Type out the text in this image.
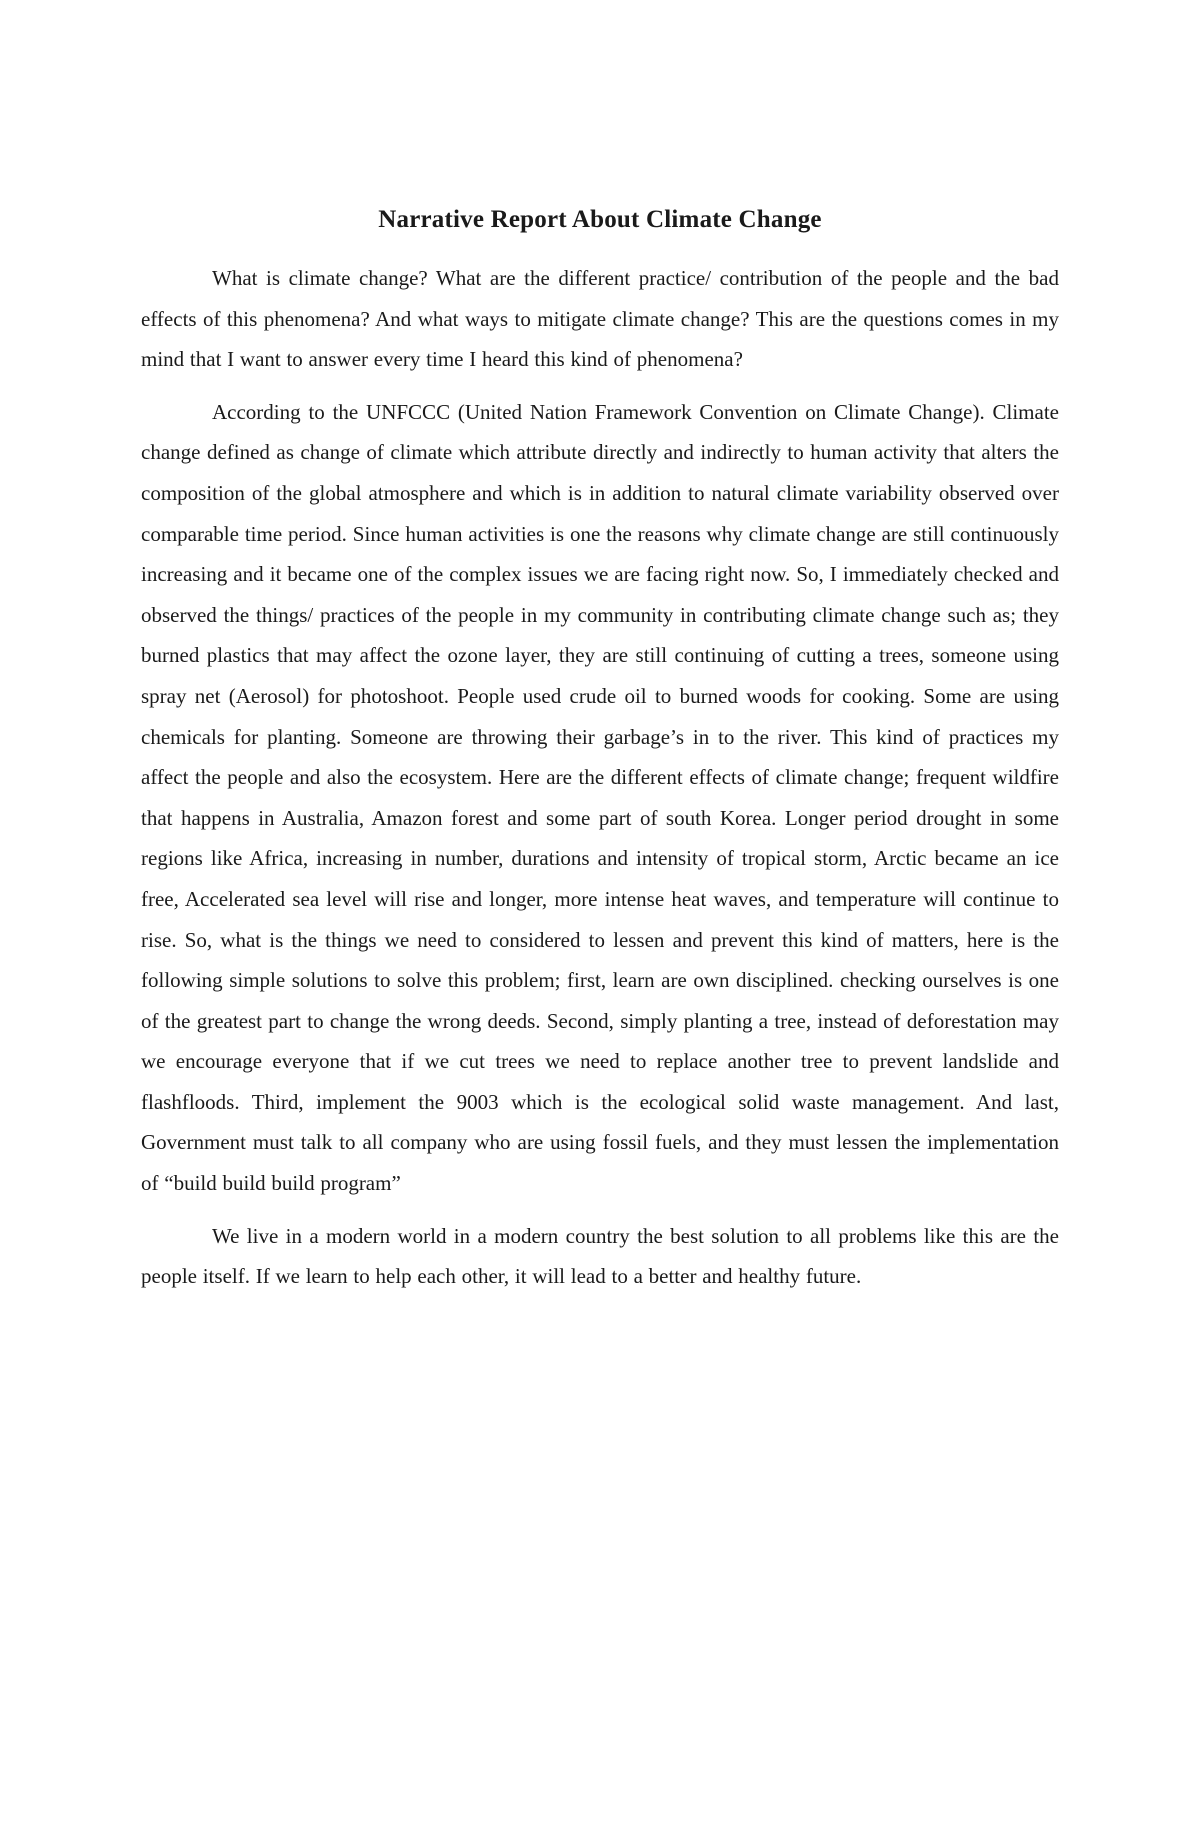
Narrative Report About Climate Change

What is climate change? What are the different practice/ contribution of the people and the bad effects of this phenomena? And what ways to mitigate climate change? This are the questions comes in my mind that I want to answer every time I heard this kind of phenomena?

According to the UNFCCC (United Nation Framework Convention on Climate Change). Climate change defined as change of climate which attribute directly and indirectly to human activity that alters the composition of the global atmosphere and which is in addition to natural climate variability observed over comparable time period. Since human activities is one the reasons why climate change are still continuously increasing and it became one of the complex issues we are facing right now. So, I immediately checked and observed the things/ practices of the people in my community in contributing climate change such as; they burned plastics that may affect the ozone layer, they are still continuing of cutting a trees, someone using spray net (Aerosol) for photoshoot. People used crude oil to burned woods for cooking. Some are using chemicals for planting. Someone are throwing their garbage’s in to the river. This kind of practices my affect the people and also the ecosystem. Here are the different effects of climate change; frequent wildfire that happens in Australia, Amazon forest and some part of south Korea. Longer period drought in some regions like Africa, increasing in number, durations and intensity of tropical storm, Arctic became an ice free, Accelerated sea level will rise and longer, more intense heat waves, and temperature will continue to rise. So, what is the things we need to considered to lessen and prevent this kind of matters, here is the following simple solutions to solve this problem; first, learn are own disciplined. checking ourselves is one of the greatest part to change the wrong deeds. Second, simply planting a tree, instead of deforestation may we encourage everyone that if we cut trees we need to replace another tree to prevent landslide and flashfloods. Third, implement the 9003 which is the ecological solid waste management. And last, Government must talk to all company who are using fossil fuels, and they must lessen the implementation of “build build build program”

We live in a modern world in a modern country the best solution to all problems like this are the people itself. If we learn to help each other, it will lead to a better and healthy future.
